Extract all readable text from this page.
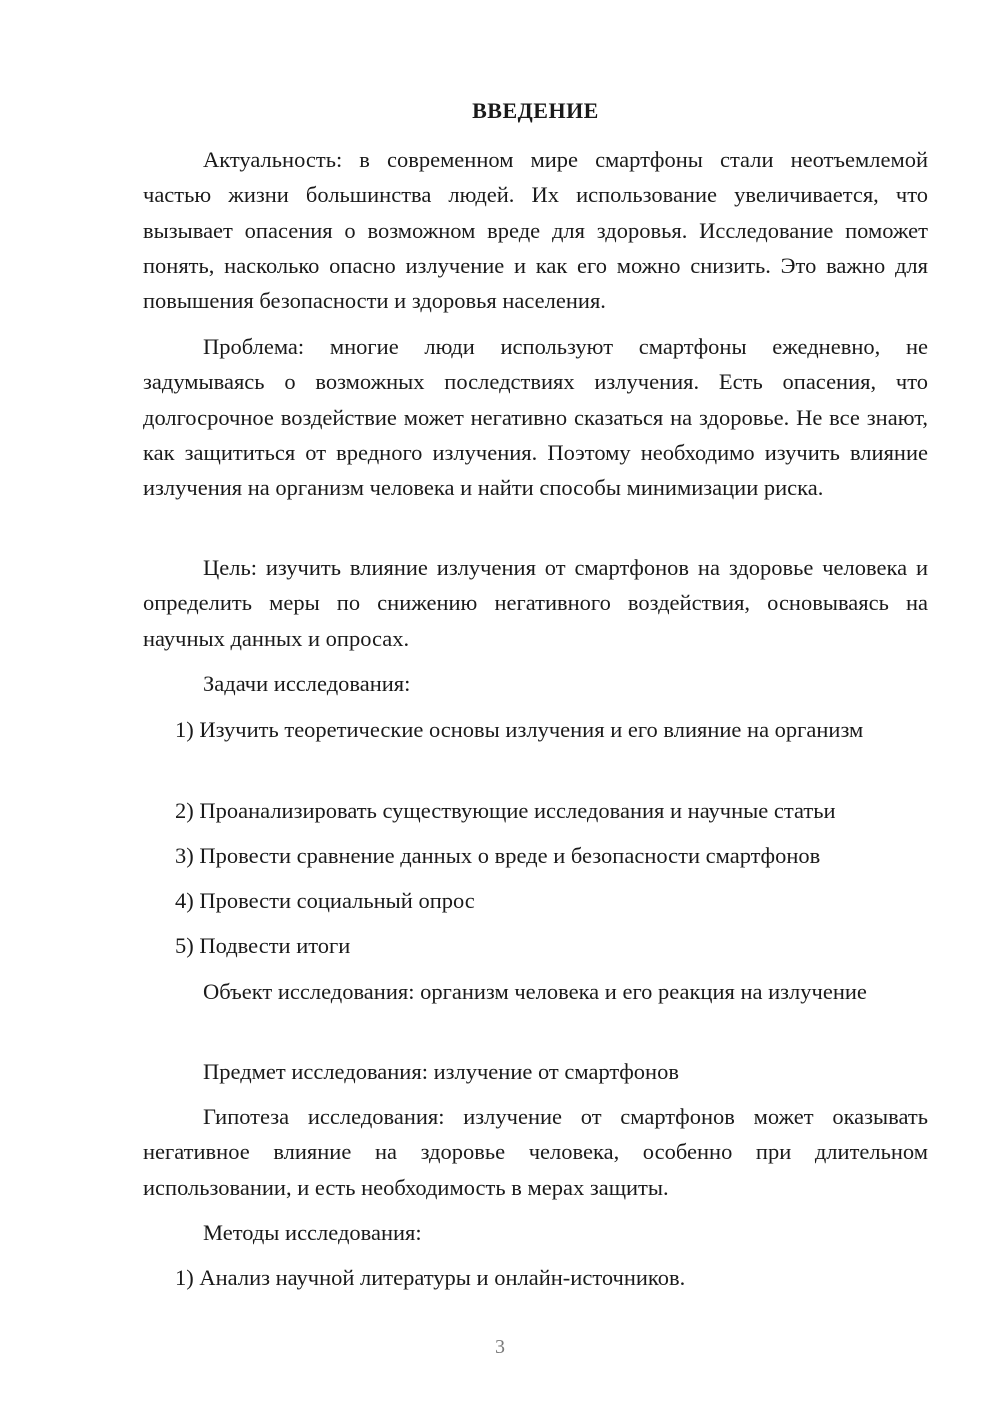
ВВЕДЕНИЕ

Актуальность: в современном мире смартфоны стали неотъемлемой частью жизни большинства людей. Их использование увеличивается, что вызывает опасения о возможном вреде для здоровья. Исследование поможет понять, насколько опасно излучение и как его можно снизить. Это важно для повышения безопасности и здоровья населения.

Проблема: многие люди используют смартфоны ежедневно, не задумываясь о возможных последствиях излучения. Есть опасения, что долгосрочное воздействие может негативно сказаться на здоровье. Не все знают, как защититься от вредного излучения. Поэтому необходимо изучить влияние излучения на организм человека и найти способы минимизации риска.

Цель: изучить влияние излучения от смартфонов на здоровье человека и определить меры по снижению негативного воздействия, основываясь на научных данных и опросах.

Задачи исследования:

1) Изучить теоретические основы излучения и его влияние на организм

2) Проанализировать существующие исследования и научные статьи

3) Провести сравнение данных о вреде и безопасности смартфонов

4) Провести социальный опрос

5) Подвести итоги

Объект исследования: организм человека и его реакция на излучение

Предмет исследования: излучение от смартфонов

Гипотеза исследования: излучение от смартфонов может оказывать негативное влияние на здоровье человека, особенно при длительном использовании, и есть необходимость в мерах защиты.

Методы исследования:

1) Анализ научной литературы и онлайн-источников.

3
